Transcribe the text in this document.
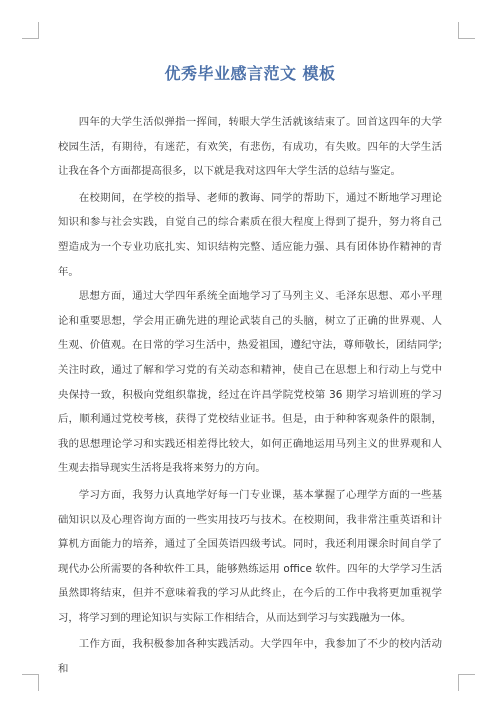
优秀毕业感言范文 模板

四年的大学生活似弹指一挥间，转眼大学生活就该结束了。回首这四年的大学校园生活，有期待，有迷茫，有欢笑，有悲伤，有成功，有失败。四年的大学生活让我在各个方面都提高很多，以下就是我对这四年大学生活的总结与鉴定。

在校期间，在学校的指导、老师的教诲、同学的帮助下，通过不断地学习理论知识和参与社会实践，自觉自己的综合素质在很大程度上得到了提升，努力将自己塑造成为一个专业功底扎实、知识结构完整、适应能力强、具有团体协作精神的青年。

思想方面，通过大学四年系统全面地学习了马列主义、毛泽东思想、邓小平理论和重要思想，学会用正确先进的理论武装自己的头脑，树立了正确的世界观、人生观、价值观。在日常的学习生活中，热爱祖国，遵纪守法，尊师敬长，团结同学;关注时政，通过了解和学习党的有关动态和精神，使自己在思想上和行动上与党中央保持一致，积极向党组织靠拢，经过在许昌学院党校第 36 期学习培训班的学习后，顺利通过党校考核，获得了党校结业证书。但是，由于种种客观条件的限制，我的思想理论学习和实践还相差得比较大，如何正确地运用马列主义的世界观和人生观去指导现实生活将是我将来努力的方向。

学习方面，我努力认真地学好每一门专业课，基本掌握了心理学方面的一些基础知识以及心理咨询方面的一些实用技巧与技术。在校期间，我非常注重英语和计算机方面能力的培养，通过了全国英语四级考试。同时，我还利用课余时间自学了现代办公所需要的各种软件工具，能够熟练运用 office 软件。四年的大学学习生活虽然即将结束，但并不意味着我的学习从此终止，在今后的工作中我将更加重视学习，将学习到的理论知识与实际工作相结合，从而达到学习与实践融为一体。

工作方面，我积极参加各种实践活动。大学四年中，我参加了不少的校内活动和
